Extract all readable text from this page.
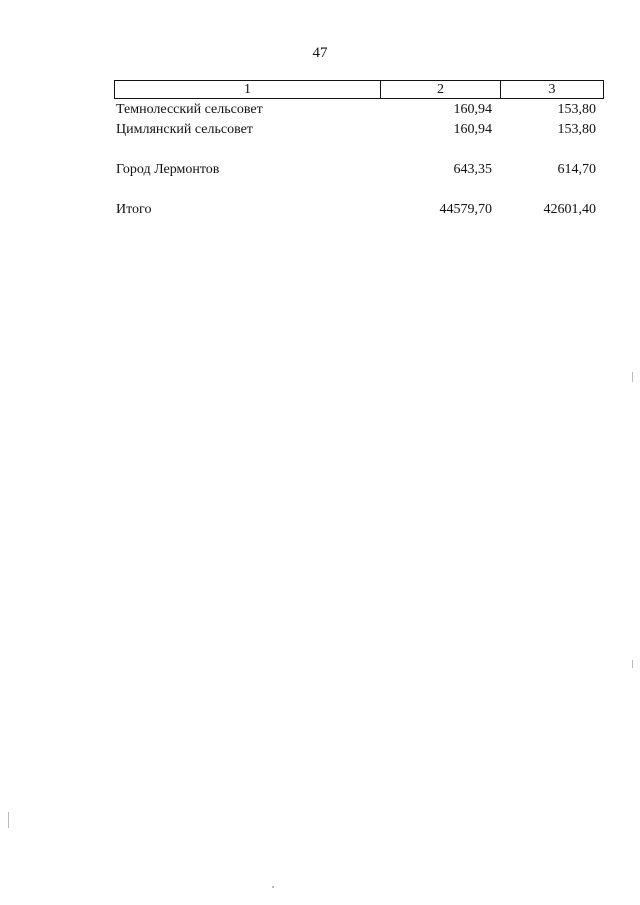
47
1	2	3
Темнолесский сельсовет	160,94	153,80
Цимлянский сельсовет	160,94	153,80
Город Лермонтов	643,35	614,70
Итого	44579,70	42601,40
